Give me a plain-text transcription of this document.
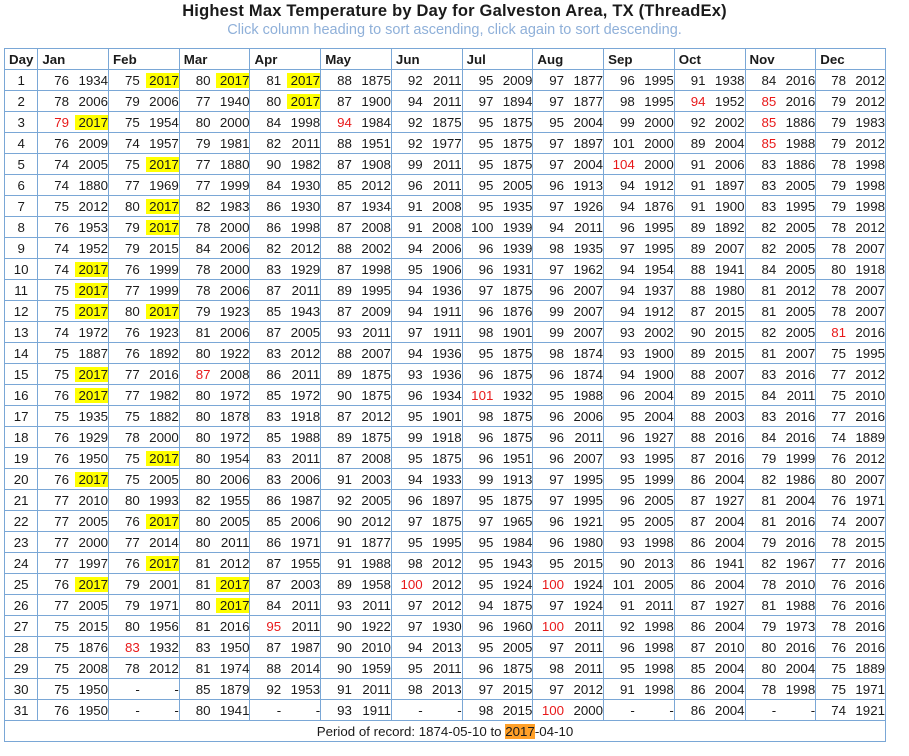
Highest Max Temperature by Day for Galveston Area, TX (ThreadEx)
Click column heading to sort ascending, click again to sort descending.
Day	Jan	Feb	Mar	Apr	May	Jun	Jul	Aug	Sep	Oct	Nov	Dec
1	76 1934	75 2017	80 2017	81 2017	88 1875	92 2011	95 2009	97 1877	96 1995	91 1938	84 2016	78 2012
2	78 2006	79 2006	77 1940	80 2017	87 1900	94 2011	97 1894	97 1877	98 1995	94 1952	85 2016	79 2012
3	79 2017	75 1954	80 2000	84 1998	94 1984	92 1875	95 1875	95 2004	99 2000	92 2002	85 1886	79 1983
4	76 2009	74 1957	79 1981	82 2011	88 1951	92 1977	95 1875	97 1897	101 2000	89 2004	85 1988	79 2012
5	74 2005	75 2017	77 1880	90 1982	87 1908	99 2011	95 1875	97 2004	104 2000	91 2006	83 1886	78 1998
6	74 1880	77 1969	77 1999	84 1930	85 2012	96 2011	95 2005	96 1913	94 1912	91 1897	83 2005	79 1998
7	75 2012	80 2017	82 1983	86 1930	87 1934	91 2008	95 1935	97 1926	94 1876	91 1900	83 1995	79 1998
8	76 1953	79 2017	78 2000	86 1998	87 2008	91 2008	100 1939	94 2011	96 1995	89 1892	82 2005	78 2012
9	74 1952	79 2015	84 2006	82 2012	88 2002	94 2006	96 1939	98 1935	97 1995	89 2007	82 2005	78 2007
10	74 2017	76 1999	78 2000	83 1929	87 1998	95 1906	96 1931	97 1962	94 1954	88 1941	84 2005	80 1918
11	75 2017	77 1999	78 2006	87 2011	89 1995	94 1936	97 1875	96 2007	94 1937	88 1980	81 2012	78 2007
12	75 2017	80 2017	79 1923	85 1943	87 2009	94 1911	96 1876	99 2007	94 1912	87 2015	81 2005	78 2007
13	74 1972	76 1923	81 2006	87 2005	93 2011	97 1911	98 1901	99 2007	93 2002	90 2015	82 2005	81 2016
14	75 1887	76 1892	80 1922	83 2012	88 2007	94 1936	95 1875	98 1874	93 1900	89 2015	81 2007	75 1995
15	75 2017	77 2016	87 2008	86 2011	89 1875	93 1936	96 1875	96 1874	94 1900	88 2007	83 2016	77 2012
16	76 2017	77 1982	80 1972	85 1972	90 1875	96 1934	101 1932	95 1988	96 2004	89 2015	84 2011	75 2010
17	75 1935	75 1882	80 1878	83 1918	87 2012	95 1901	98 1875	96 2006	95 2004	88 2003	83 2016	77 2016
18	76 1929	78 2000	80 1972	85 1988	89 1875	99 1918	96 1875	96 2011	96 1927	88 2016	84 2016	74 1889
19	76 1950	75 2017	80 1954	83 2011	87 2008	95 1875	96 1951	96 2007	93 1995	87 2016	79 1999	76 2012
20	76 2017	75 2005	80 2006	83 2006	91 2003	94 1933	99 1913	97 1995	95 1999	86 2004	82 1986	80 2007
21	77 2010	80 1993	82 1955	86 1987	92 2005	96 1897	95 1875	97 1995	96 2005	87 1927	81 2004	76 1971
22	77 2005	76 2017	80 2005	85 2006	90 2012	97 1875	97 1965	96 1921	95 2005	87 2004	81 2016	74 2007
23	77 2000	77 2014	80 2011	86 1971	91 1877	95 1995	95 1984	96 1980	93 1998	86 2004	79 2016	78 2015
24	77 1997	76 2017	81 2012	87 1955	91 1988	98 2012	95 1943	95 2015	90 2013	86 1941	82 1967	77 2016
25	76 2017	79 2001	81 2017	87 2003	89 1958	100 2012	95 1924	100 1924	101 2005	86 2004	78 2010	76 2016
26	77 2005	79 1971	80 2017	84 2011	93 2011	97 2012	94 1875	97 1924	91 2011	87 1927	81 1988	76 2016
27	75 2015	80 1956	81 2016	95 2011	90 1922	97 1930	96 1960	100 2011	92 1998	86 2004	79 1973	78 2016
28	75 1876	83 1932	83 1950	87 1987	90 2010	94 2013	95 2005	97 2011	96 1998	87 2010	80 2016	76 2016
29	75 2008	78 2012	81 1974	88 2014	90 1959	95 2011	96 1875	98 2011	95 1998	85 2004	80 2004	75 1889
30	75 1950	- -	85 1879	92 1953	91 2011	98 2013	97 2015	97 2012	91 1998	86 2004	78 1998	75 1971
31	76 1950	- -	80 1941	- -	93 1911	- -	98 2015	100 2000	- -	86 2004	- -	74 1921
Period of record: 1874-05-10 to 2017-04-10												
